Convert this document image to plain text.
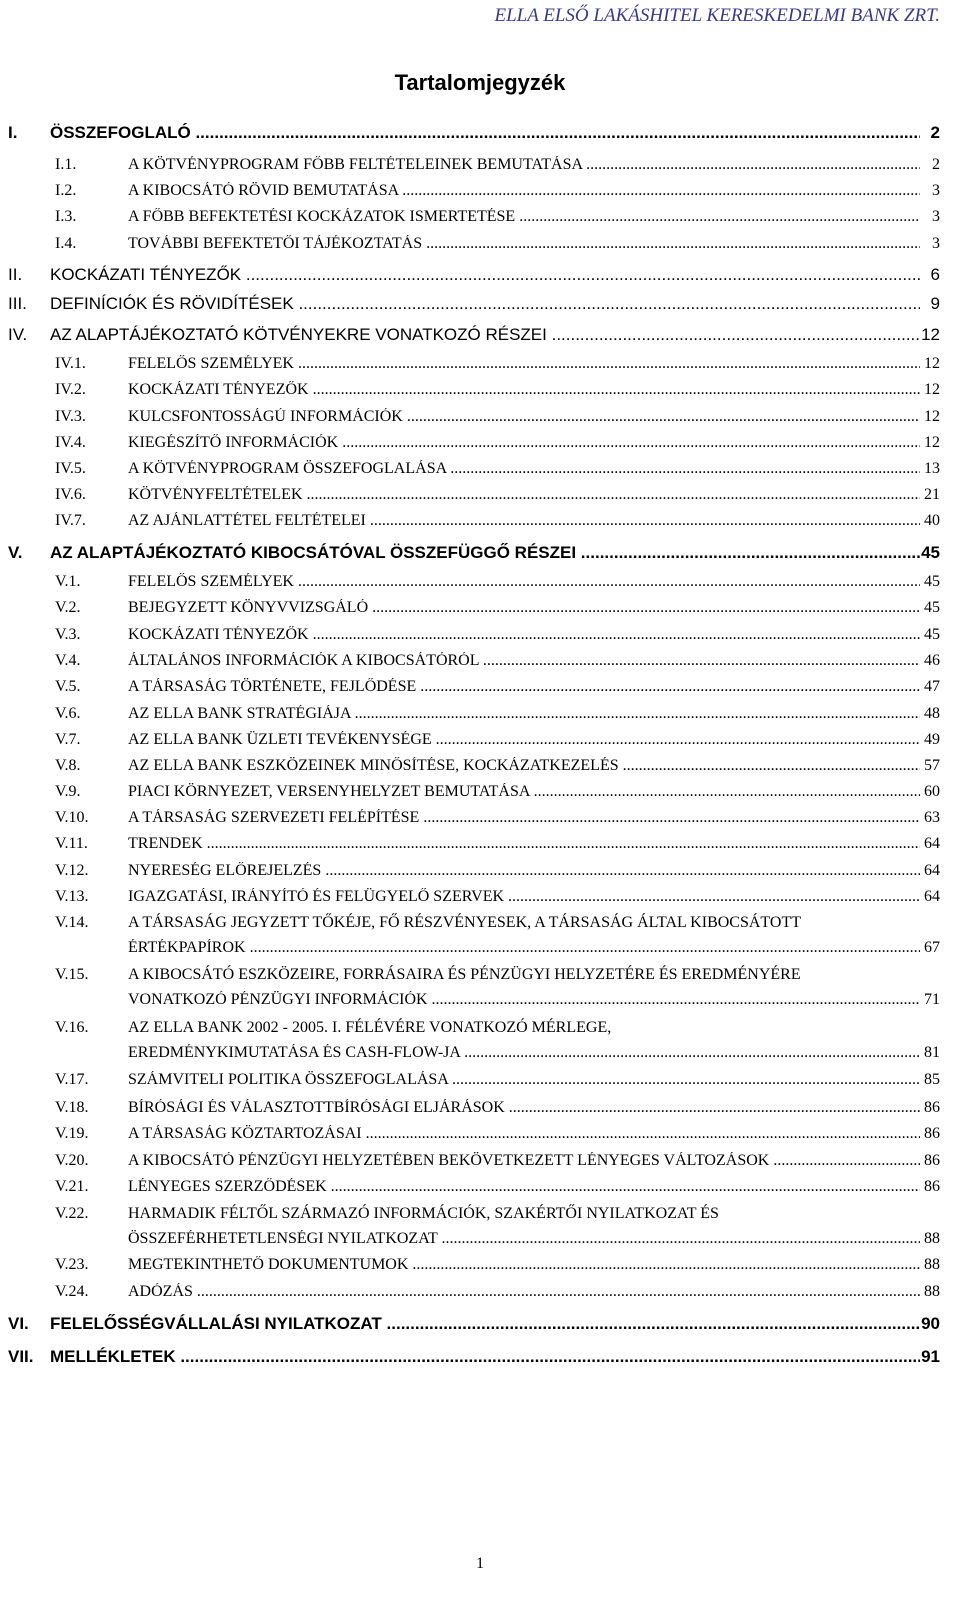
ELLA ELSŐ LAKÁSHITEL KERESKEDELMI BANK ZRT.
Tartalomjegyzék
I. ÖSSZEFOGLALÓ .....	2
I.1.	A KÖTVÉNYPROGRAM FŐBB FELTÉTELEINEK BEMUTATÁSA .....	2
I.2.	A KIBOCSÁTÓ RÖVID BEMUTATÁSA .....	3
I.3.	A FŐBB BEFEKTETÉSI KOCKÁZATOK ISMERTETÉSE .....	3
I.4.	TOVÁBBI BEFEKTETŐI TÁJÉKOZTATÁS .....	3
II. KOCKÁZATI TÉNYEZŐK .....	6
III. DEFINÍCIÓK ÉS RÖVIDÍTÉSEK .....	9
IV. AZ ALAPTÁJÉKOZTATÓ KÖTVÉNYEKRE VONATKOZÓ RÉSZEI .....	12
IV.1.	FELELŐS SZEMÉLYEK .....	12
IV.2.	KOCKÁZATI TÉNYEZŐK .....	12
IV.3.	KULCSFONTOSSÁGÚ INFORMÁCIÓK .....	12
IV.4.	KIEGÉSZÍTŐ INFORMÁCIÓK .....	12
IV.5.	A KÖTVÉNYPROGRAM ÖSSZEFOGLALÁSA .....	13
IV.6.	KÖTVÉNYFELTÉTELEK .....	21
IV.7.	AZ AJÁNLATTÉTEL FELTÉTELEI .....	40
V. AZ ALAPTÁJÉKOZTATÓ KIBOCSÁTÓVAL ÖSSZEFÜGGŐ RÉSZEI .....	45
V.1.	FELELŐS SZEMÉLYEK .....	45
V.2.	BEJEGYZETT KÖNYVVIZSGÁLÓ .....	45
V.3.	KOCKÁZATI TÉNYEZŐK .....	45
V.4.	ÁLTALÁNOS INFORMÁCIÓK A KIBOCSÁTÓRÓL .....	46
V.5.	A TÁRSASÁG TÖRTÉNETE, FEJLŐDÉSE .....	47
V.6.	AZ ELLA BANK STRATÉGIÁJA .....	48
V.7.	AZ ELLA BANK ÜZLETI TEVÉKENYSÉGE .....	49
V.8.	AZ ELLA BANK ESZKÖZEINEK MINŐSÍTÉSE, KOCKÁZATKEZELÉS .....	57
V.9.	PIACI KÖRNYEZET, VERSENYHELYZET BEMUTATÁSA .....	60
V.10. A TÁRSASÁG SZERVEZETI FELÉPÍTÉSE .....	63
V.11.	TRENDEK .....	64
V.12. NYERESÉG ELŐREJELZÉS .....	64
V.13. IGAZGATÁSI, IRÁNYÍTÓ ÉS FELÜGYELŐ SZERVEK .....	64
V.14. A TÁRSASÁG JEGYZETT TŐKÉJE, FŐ RÉSZVÉNYESEK, A TÁRSASÁG ÁLTAL KIBOCSÁTOTT
ÉRTÉKPAPÍROK .....	67
V.15. A KIBOCSÁTÓ ESZKÖZEIRE, FORRÁSAIRA ÉS PÉNZÜGYI HELYZETÉRE ÉS EREDMÉNYÉRE
VONATKOZÓ PÉNZÜGYI INFORMÁCIÓK .....	71
V.16. AZ ELLA BANK 2002 - 2005. I. FÉLÉVÉRE VONATKOZÓ MÉRLEGE,
EREDMÉNYKIMUTATÁSA ÉS CASH-FLOW-JA .....	81
V.17. SZÁMVITELI POLITIKA ÖSSZEFOGLALÁSA .....	85
V.18. BÍRÓSÁGI ÉS VÁLASZTOTTBÍRÓSÁGI ELJÁRÁSOK .....	86
V.19. A TÁRSASÁG KÖZTARTOZÁSAI .....	86
V.20. A KIBOCSÁTÓ PÉNZÜGYI HELYZETÉBEN BEKÖVETKEZETT LÉNYEGES VÁLTOZÁSOK .....	86
V.21. LÉNYEGES SZERZŐDÉSEK .....	86
V.22. HARMADIK FÉLTŐL SZÁRMAZÓ INFORMÁCIÓK, SZAKÉRTŐI NYILATKOZAT ÉS
ÖSSZEFÉRHETETLENSÉGI NYILATKOZAT .....	88
V.23. MEGTEKINTHETŐ DOKUMENTUMOK .....	88
V.24. ADÓZÁS .....	88
VI. FELELŐSSÉGVÁLLALÁSI NYILATKOZAT .....	90
VII. MELLÉKLETEK .....	91
1
